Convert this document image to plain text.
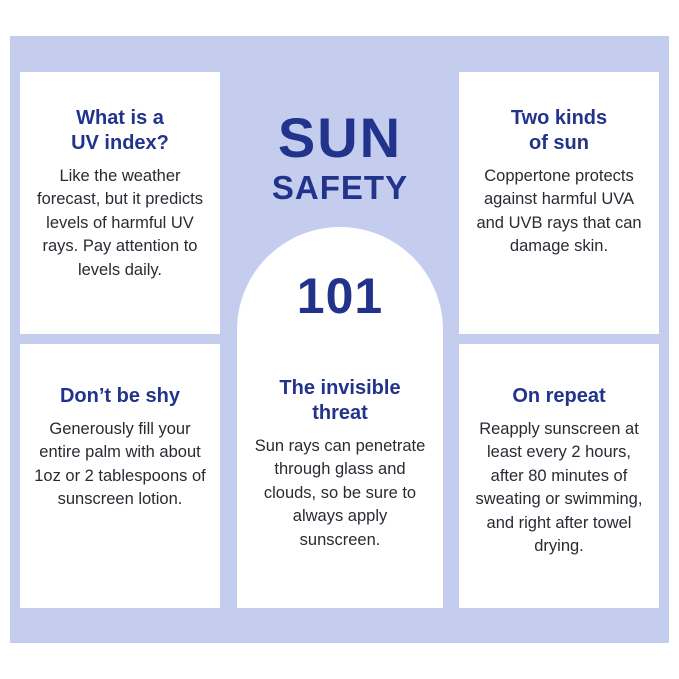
SUN
SAFETY
101
What is a
UV index?

Like the weather forecast, but it predicts levels of harmful UV rays. Pay attention to levels daily.

Two kinds
of sun

Coppertone protects against harmful UVA and UVB rays that can damage skin.

Don’t be shy

Generously fill your entire palm with about 1oz or 2 tablespoons of sunscreen lotion.

The invisible
threat

Sun rays can penetrate through glass and clouds, so be sure to always apply sunscreen.

On repeat

Reapply sunscreen at least every 2 hours, after 80 minutes of sweating or swimming, and right after towel drying.
